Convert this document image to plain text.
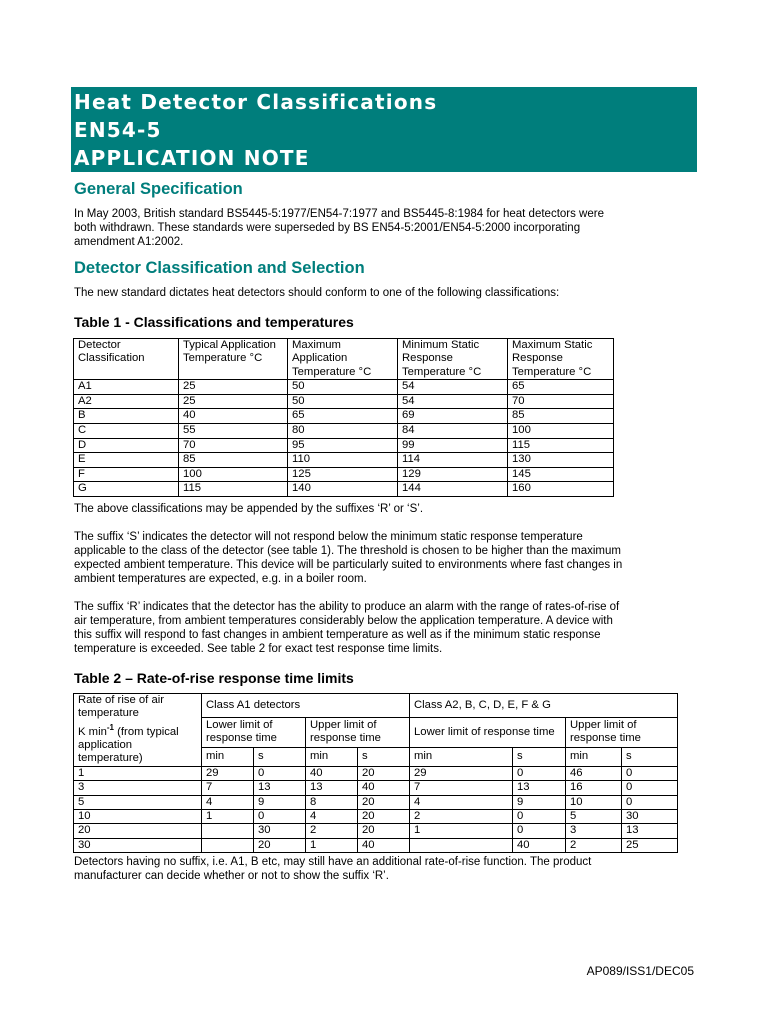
Heat Detector Classifications
EN54-5
APPLICATION NOTE
General Specification
In May 2003, British standard BS5445-5:1977/EN54-7:1977 and BS5445-8:1984 for heat detectors were
both withdrawn. These standards were superseded by BS EN54-5:2001/EN54-5:2000 incorporating
amendment A1:2002.
Detector Classification and Selection
The new standard dictates heat detectors should conform to one of the following classifications:
Table 1 - Classifications and temperatures
Detector Classification	Typical Application Temperature °C	Maximum Application Temperature °C	Minimum Static Response Temperature °C	Maximum Static Response Temperature °C
A1	25	50	54	65
A2	25	50	54	70
B	40	65	69	85
C	55	80	84	100
D	70	95	99	115
E	85	110	114	130
F	100	125	129	145
G	115	140	144	160
The above classifications may be appended by the suffixes ‘R’ or ‘S’.
The suffix ‘S’ indicates the detector will not respond below the minimum static response temperature
applicable to the class of the detector (see table 1). The threshold is chosen to be higher than the maximum
expected ambient temperature. This device will be particularly suited to environments where fast changes in
ambient temperatures are expected, e.g. in a boiler room.
The suffix ‘R’ indicates that the detector has the ability to produce an alarm with the range of rates-of-rise of
air temperature, from ambient temperatures considerably below the application temperature. A device with
this suffix will respond to fast changes in ambient temperature as well as if the minimum static response
temperature is exceeded. See table 2 for exact test response time limits.
Table 2 – Rate-of-rise response time limits
Rate of rise of air temperature
K $\min^{-1}$ (from typical application temperature)	Class A1 detectors				Class A2, B, C, D, E, F & G			
	Lower limit of response time		Upper limit of response time		Lower limit of response time		Upper limit of response time	
	min	s	min	s	min	s	min	s
1	29	0	40	20	29	0	46	0
3	7	13	13	40	7	13	16	0
5	4	9	8	20	4	9	10	0
10	1	0	4	20	2	0	5	30
20		30	2	20	1	0	3	13
30		20	1	40		40	2	25
Detectors having no suffix, i.e. A1, B etc, may still have an additional rate-of-rise function. The product
manufacturer can decide whether or not to show the suffix ‘R’.
AP089/ISS1/DEC05
